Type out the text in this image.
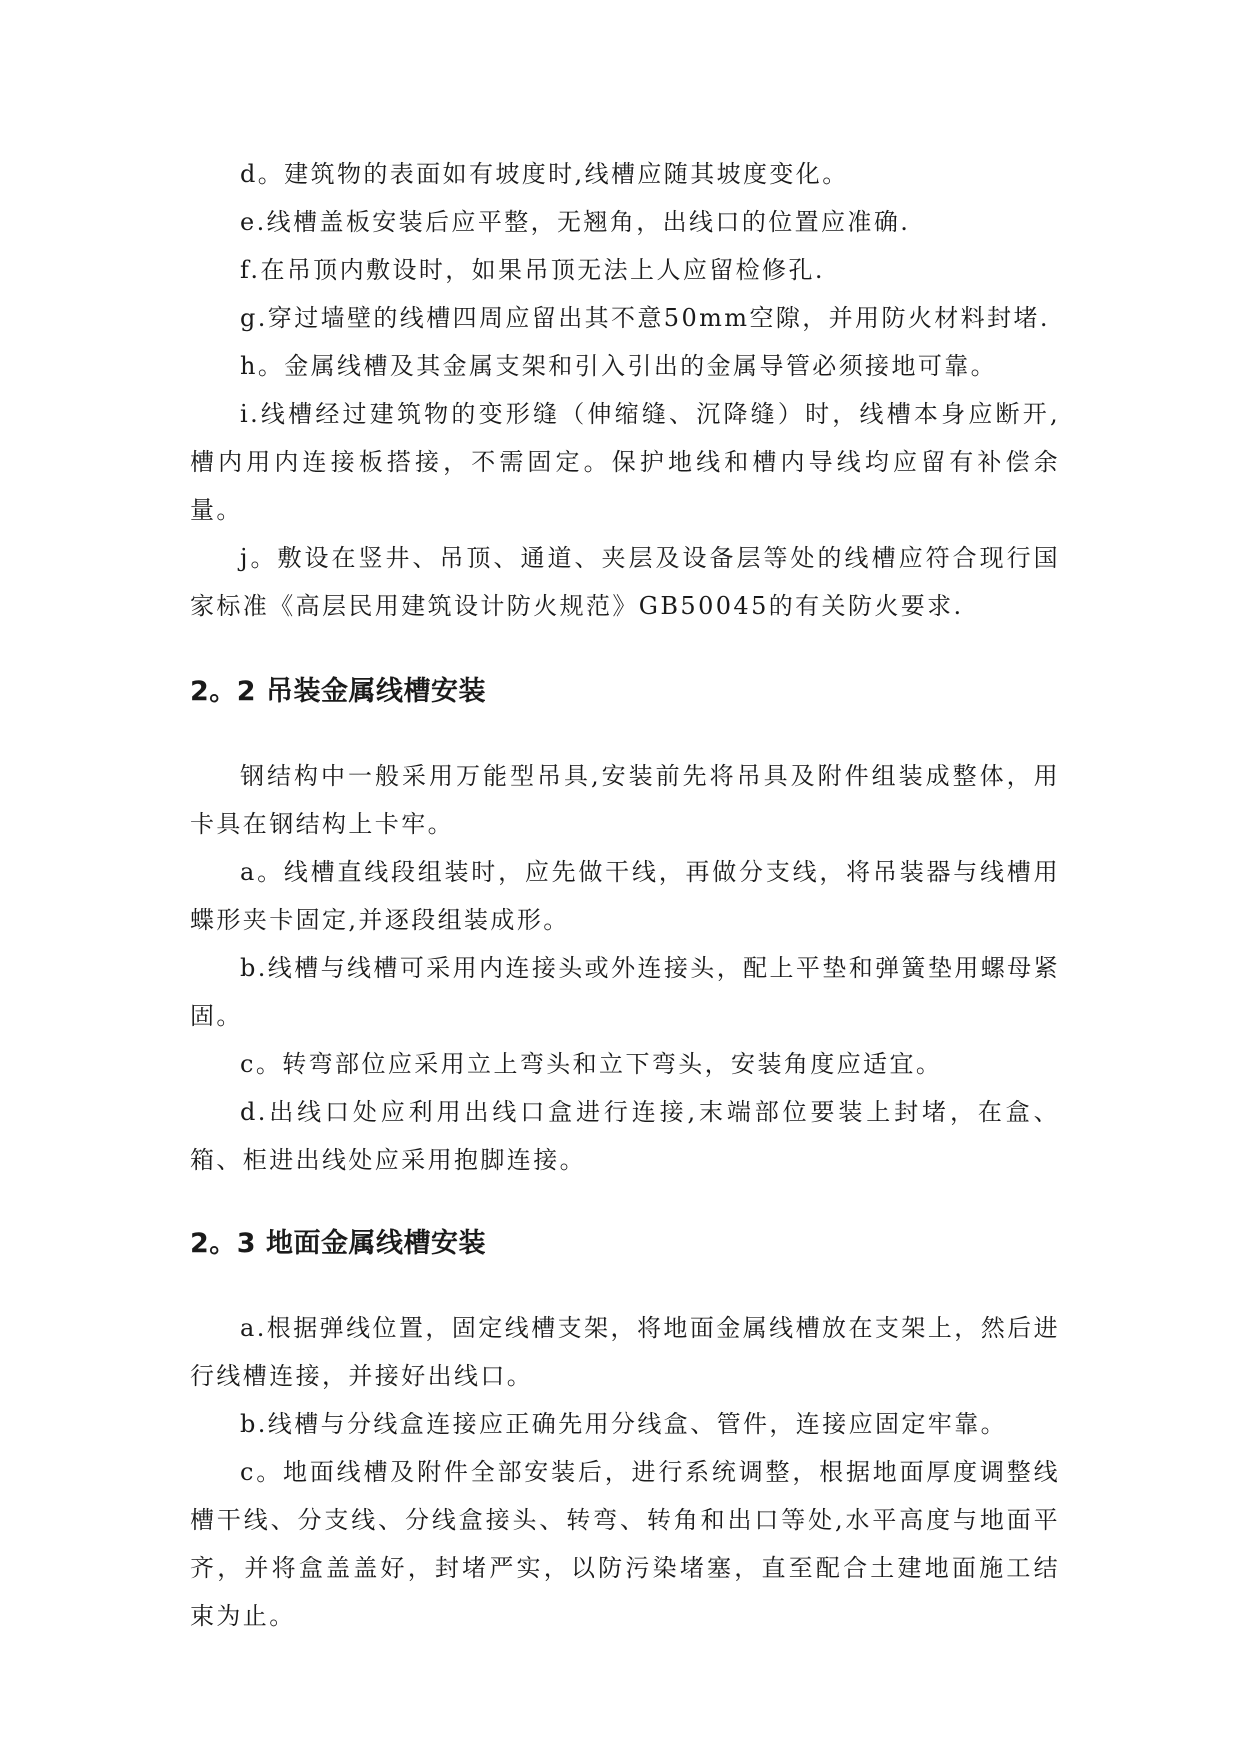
d。建筑物的表面如有坡度时,线槽应随其坡度变化。

e.线槽盖板安装后应平整，无翘角，出线口的位置应准确.

f.在吊顶内敷设时，如果吊顶无法上人应留检修孔.

g.穿过墙壁的线槽四周应留出其不意50mm空隙，并用防火材料封堵.

h。金属线槽及其金属支架和引入引出的金属导管必须接地可靠。

i.线槽经过建筑物的变形缝（伸缩缝、沉降缝）时，线槽本身应断开,槽内用内连接板搭接，不需固定。保护地线和槽内导线均应留有补偿余量。

j。敷设在竖井、吊顶、通道、夹层及设备层等处的线槽应符合现行国家标准《高层民用建筑设计防火规范》GB50045的有关防火要求.

2。2 吊装金属线槽安装

钢结构中一般采用万能型吊具,安装前先将吊具及附件组装成整体，用卡具在钢结构上卡牢。

a。线槽直线段组装时，应先做干线，再做分支线，将吊装器与线槽用蝶形夹卡固定,并逐段组装成形。

b.线槽与线槽可采用内连接头或外连接头，配上平垫和弹簧垫用螺母紧固。

c。转弯部位应采用立上弯头和立下弯头，安装角度应适宜。

d.出线口处应利用出线口盒进行连接,末端部位要装上封堵，在盒、箱、柜进出线处应采用抱脚连接。

2。3 地面金属线槽安装

a.根据弹线位置，固定线槽支架，将地面金属线槽放在支架上，然后进行线槽连接，并接好出线口。

b.线槽与分线盒连接应正确先用分线盒、管件，连接应固定牢靠。

c。地面线槽及附件全部安装后，进行系统调整，根据地面厚度调整线槽干线、分支线、分线盒接头、转弯、转角和出口等处,水平高度与地面平齐，并将盒盖盖好，封堵严实，以防污染堵塞，直至配合土建地面施工结束为止。
